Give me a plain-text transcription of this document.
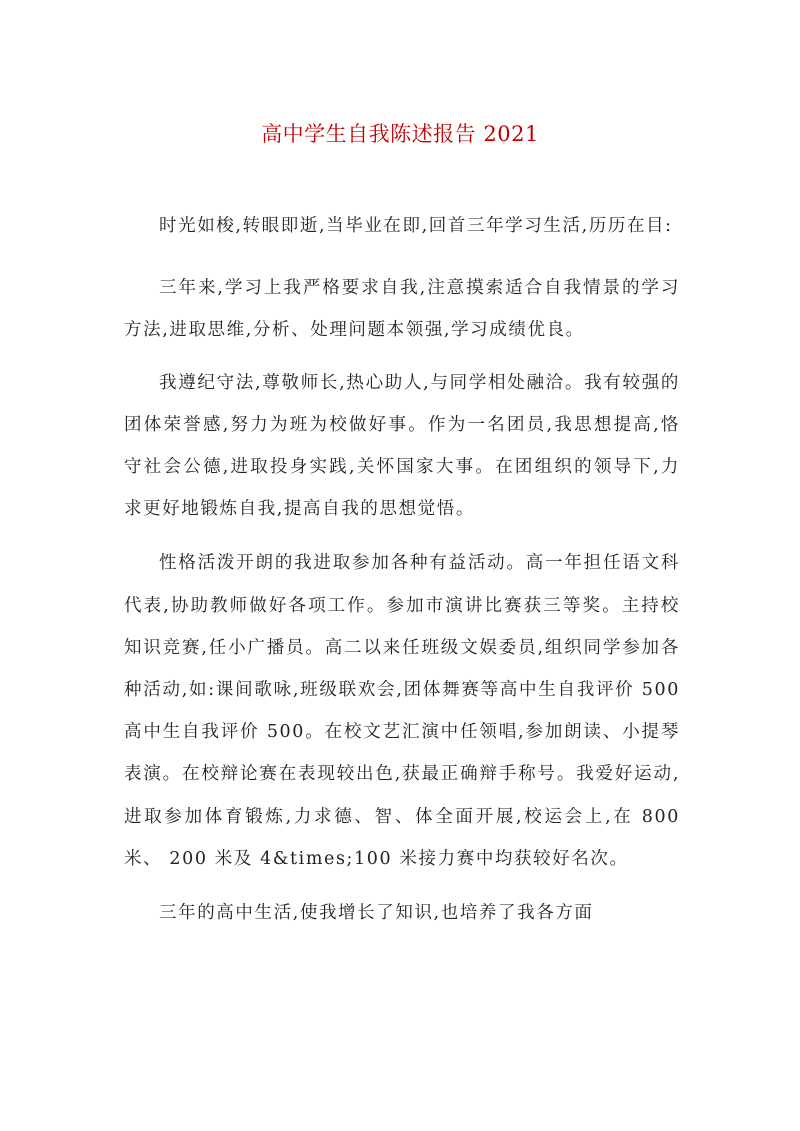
高中学生自我陈述报告 2021

时光如梭,转眼即逝,当毕业在即,回首三年学习生活,历历在目:

三年来,学习上我严格要求自我,注意摸索适合自我情景的学习方法,进取思维,分析、处理问题本领强,学习成绩优良。

我遵纪守法,尊敬师长,热心助人,与同学相处融洽。我有较强的团体荣誉感,努力为班为校做好事。作为一名团员,我思想提高,恪守社会公德,进取投身实践,关怀国家大事。在团组织的领导下,力求更好地锻炼自我,提高自我的思想觉悟。

性格活泼开朗的我进取参加各种有益活动。高一年担任语文科代表,协助教师做好各项工作。参加市演讲比赛获三等奖。主持校知识竞赛,任小广播员。高二以来任班级文娱委员,组织同学参加各种活动,如:课间歌咏,班级联欢会,团体舞赛等高中生自我评价 500 高中生自我评价 500。在校文艺汇演中任领唱,参加朗读、小提琴表演。在校辩论赛在表现较出色,获最正确辩手称号。我爱好运动,进取参加体育锻炼,力求德、智、体全面开展,校运会上,在 800 米、 200 米及 4&times;100 米接力赛中均获较好名次。

三年的高中生活,使我增长了知识,也培养了我各方面
